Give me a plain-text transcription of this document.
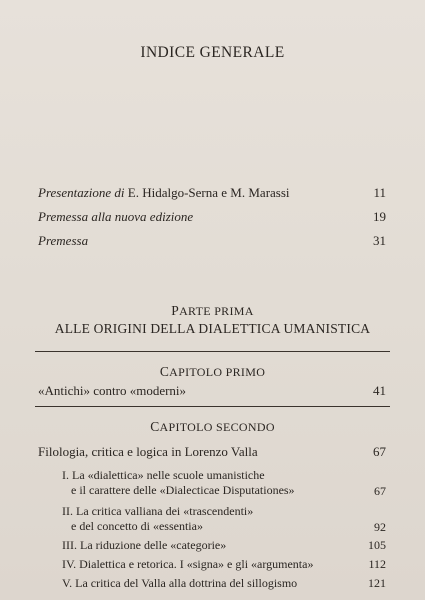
INDICE GENERALE
Presentazione di E. Hidalgo-Serna e M. Marassi	11
Premessa alla nuova edizione	19
Premessa	31
PARTE PRIMA
ALLE ORIGINI DELLA DIALETTICA UMANISTICA
CAPITOLO PRIMO
«Antichi» contro «moderni»	41
CAPITOLO SECONDO
Filologia, critica e logica in Lorenzo Valla	67
I. La «dialettica» nelle scuole umanistiche
e il carattere delle «Dialecticae Disputationes»	67
II. La critica valliana dei «trascendenti»
e del concetto di «essentia»	92
III. La riduzione delle «categorie»	105
IV. Dialettica e retorica. I «signa» e gli «argumenta»	112
V. La critica del Valla alla dottrina del sillogismo	121
